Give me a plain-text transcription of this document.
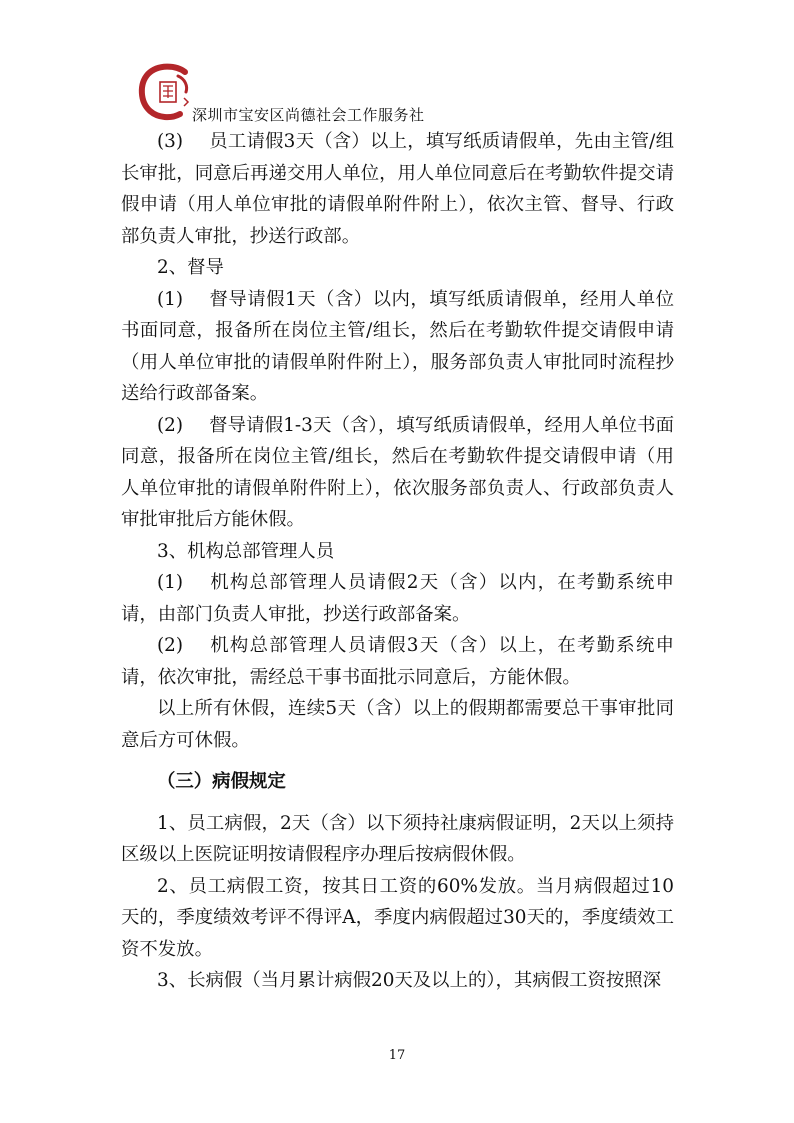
深圳市宝安区尚德社会工作服务社

(3) 员工请假3天（含）以上，填写纸质请假单，先由主管/组长审批，同意后再递交用人单位，用人单位同意后在考勤软件提交请假申请（用人单位审批的请假单附件附上），依次主管、督导、行政部负责人审批，抄送行政部。

2、督导

(1) 督导请假1天（含）以内，填写纸质请假单，经用人单位书面同意，报备所在岗位主管/组长，然后在考勤软件提交请假申请（用人单位审批的请假单附件附上），服务部负责人审批同时流程抄送给行政部备案。

(2) 督导请假1-3天（含），填写纸质请假单，经用人单位书面同意，报备所在岗位主管/组长，然后在考勤软件提交请假申请（用人单位审批的请假单附件附上），依次服务部负责人、行政部负责人审批审批后方能休假。

3、机构总部管理人员

(1) 机构总部管理人员请假2天（含）以内，在考勤系统申请，由部门负责人审批，抄送行政部备案。

(2) 机构总部管理人员请假3天（含）以上，在考勤系统申请，依次审批，需经总干事书面批示同意后，方能休假。

以上所有休假，连续5天（含）以上的假期都需要总干事审批同意后方可休假。

（三）病假规定

1、员工病假，2天（含）以下须持社康病假证明，2天以上须持区级以上医院证明按请假程序办理后按病假休假。

2、员工病假工资，按其日工资的60%发放。当月病假超过10天的，季度绩效考评不得评A，季度内病假超过30天的，季度绩效工资不发放。

3、长病假（当月累计病假20天及以上的），其病假工资按照深

17
